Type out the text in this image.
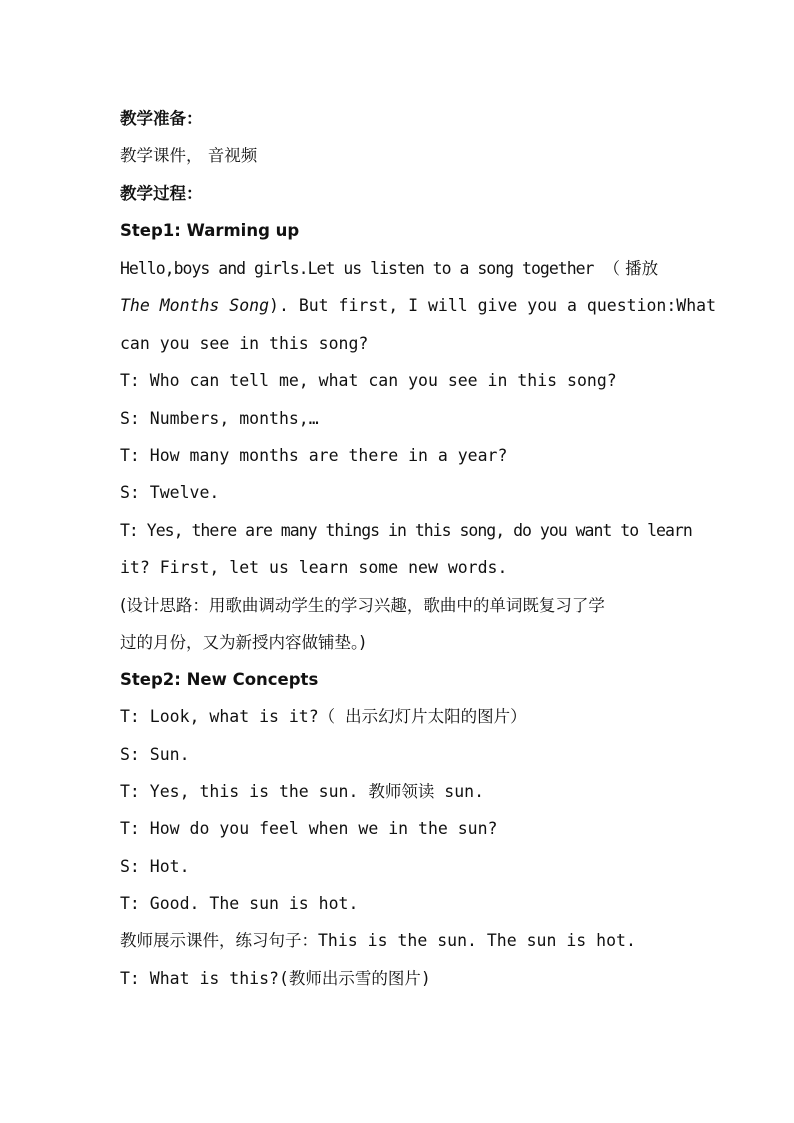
教学准备：
教学课件， 音视频
教学过程：
Step1: Warming up
Hello,boys and girls.Let us listen to a song together （ 播放
The Months Song). But first, I will give you a question:What
can you see in this song?
T: Who can tell me, what can you see in this song?
S: Numbers, months,…
T: How many months are there in a year?
S: Twelve.
T: Yes, there are many things in this song, do you want to learn
it? First, let us learn some new words.
(设计思路：用歌曲调动学生的学习兴趣，歌曲中的单词既复习了学
过的月份，又为新授内容做铺垫。)
Step2: New Concepts
T: Look, what is it?（ 出示幻灯片太阳的图片）
S: Sun.
T: Yes, this is the sun. 教师领读 sun.
T: How do you feel when we in the sun?
S: Hot.
T: Good. The sun is hot.
教师展示课件，练习句子：This is the sun. The sun is hot.
T: What is this?(教师出示雪的图片)
